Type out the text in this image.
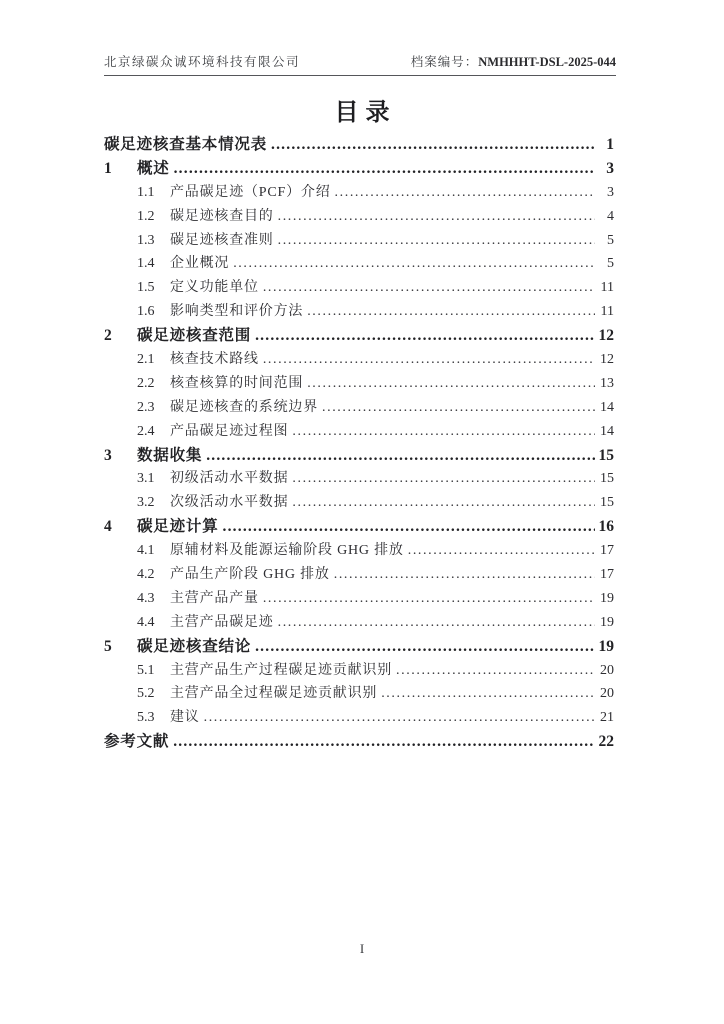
北京绿碳众诚环境科技有限公司	档案编号：NMHHHT-DSL-2025-044
目录
碳足迹核查基本情况表 .....	1
1	概述 .....	3
1.1	产品碳足迹（PCF）介绍 .....	3
1.2	碳足迹核查目的 .....	4
1.3	碳足迹核查准则 .....	5
1.4	企业概况 .....	5
1.5	定义功能单位 .....	11
1.6	影响类型和评价方法 .....	11
2	碳足迹核查范围 .....	12
2.1	核查技术路线 .....	12
2.2	核查核算的时间范围 .....	13
2.3	碳足迹核查的系统边界 .....	14
2.4	产品碳足迹过程图 .....	14
3	数据收集 .....	15
3.1	初级活动水平数据 .....	15
3.2	次级活动水平数据 .....	15
4	碳足迹计算 .....	16
4.1	原辅材料及能源运输阶段 GHG 排放 .....	17
4.2	产品生产阶段 GHG 排放 .....	17
4.3	主营产品产量 .....	19
4.4	主营产品碳足迹 .....	19
5	碳足迹核查结论 .....	19
5.1	主营产品生产过程碳足迹贡献识别 .....	20
5.2	主营产品全过程碳足迹贡献识别 .....	20
5.3	建议 .....	21
参考文献 .....	22
I
